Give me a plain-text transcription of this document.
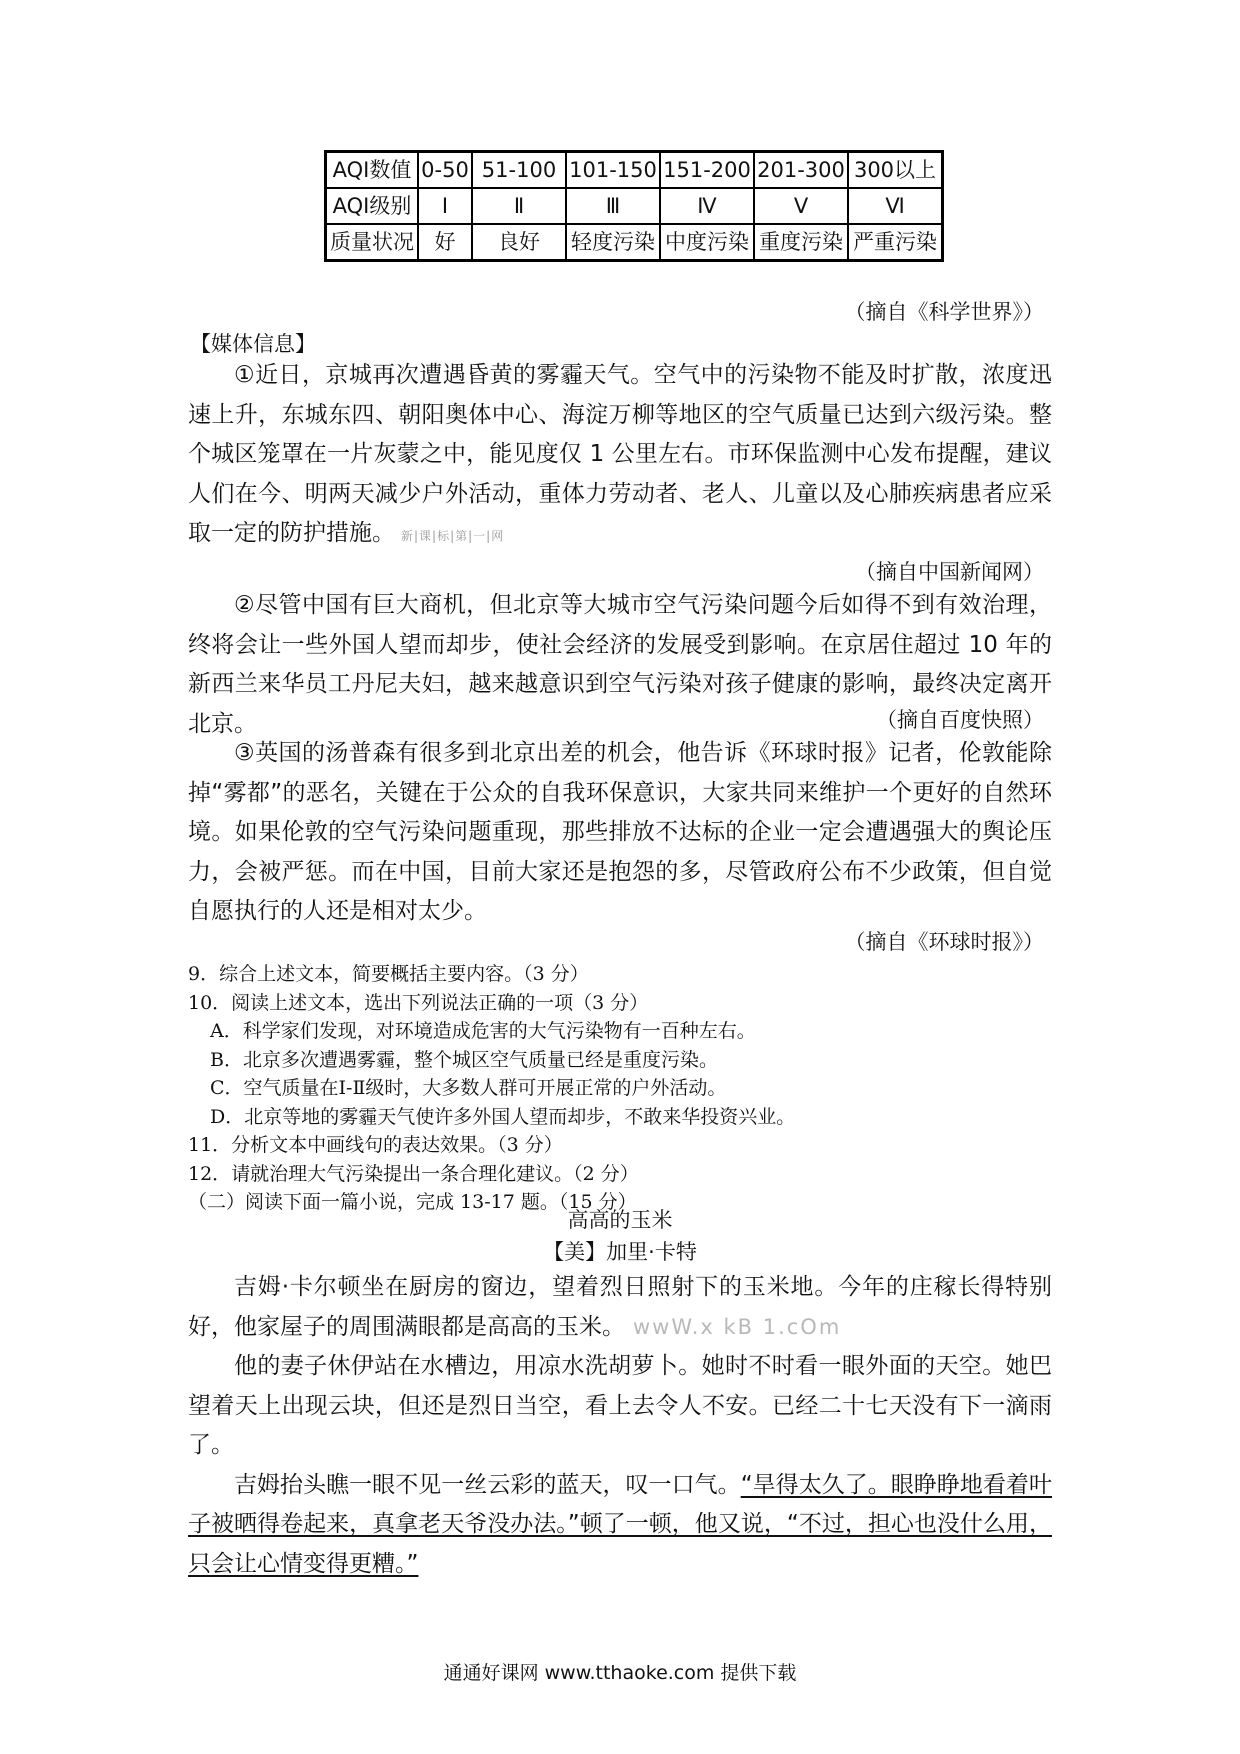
AQI数值	0-50	51-100	101-150	151-200	201-300	300以上
AQI级别	Ⅰ	Ⅱ	Ⅲ	Ⅳ	Ⅴ	Ⅵ
质量状况	好	良好	轻度污染	中度污染	重度污染	严重污染
（摘自《科学世界》）
【媒体信息】

①近日，京城再次遭遇昏黄的雾霾天气。空气中的污染物不能及时扩散，浓度迅速上升，东城东四、朝阳奥体中心、海淀万柳等地区的空气质量已达到六级污染。整个城区笼罩在一片灰蒙之中，能见度仅 1 公里左右。市环保监测中心发布提醒，建议人们在今、明两天减少户外活动，重体力劳动者、老人、儿童以及心肺疾病患者应采取一定的防护措施。 新|课|标|第|一|网

（摘自中国新闻网）

②尽管中国有巨大商机，但北京等大城市空气污染问题今后如得不到有效治理，终将会让一些外国人望而却步，使社会经济的发展受到影响。在京居住超过 10 年的新西兰来华员工丹尼夫妇，越来越意识到空气污染对孩子健康的影响，最终决定离开北京。	（摘自百度快照）

③英国的汤普森有很多到北京出差的机会，他告诉《环球时报》记者，伦敦能除掉“雾都”的恶名，关键在于公众的自我环保意识，大家共同来维护一个更好的自然环境。如果伦敦的空气污染问题重现，那些排放不达标的企业一定会遭遇强大的舆论压力，会被严惩。而在中国，目前大家还是抱怨的多，尽管政府公布不少政策，但自觉自愿执行的人还是相对太少。

（摘自《环球时报》）
9．综合上述文本，简要概括主要内容。（3 分）
10．阅读上述文本，选出下列说法正确的一项（3 分）
A．科学家们发现，对环境造成危害的大气污染物有一百种左右。
B．北京多次遭遇雾霾，整个城区空气质量已经是重度污染。
C．空气质量在Ⅰ-Ⅱ级时，大多数人群可开展正常的户外活动。
D．北京等地的雾霾天气使许多外国人望而却步，不敢来华投资兴业。
11．分析文本中画线句的表达效果。（3 分）
12．请就治理大气污染提出一条合理化建议。（2 分）
（二）阅读下面一篇小说，完成 13-17 题。（15 分）
高高的玉米
【美】加里·卡特

吉姆·卡尔顿坐在厨房的窗边，望着烈日照射下的玉米地。今年的庄稼长得特别好，他家屋子的周围满眼都是高高的玉米。 wwW.x kB 1.cOm

他的妻子休伊站在水槽边，用凉水洗胡萝卜。她时不时看一眼外面的天空。她巴望着天上出现云块，但还是烈日当空，看上去令人不安。已经二十七天没有下一滴雨了。

吉姆抬头瞧一眼不见一丝云彩的蓝天，叹一口气。“旱得太久了。眼睁睁地看着叶子被晒得卷起来，真拿老天爷没办法。”顿了一顿，他又说，“不过，担心也没什么用，只会让心情变得更糟。”

通通好课网 www.tthaoke.com 提供下载
